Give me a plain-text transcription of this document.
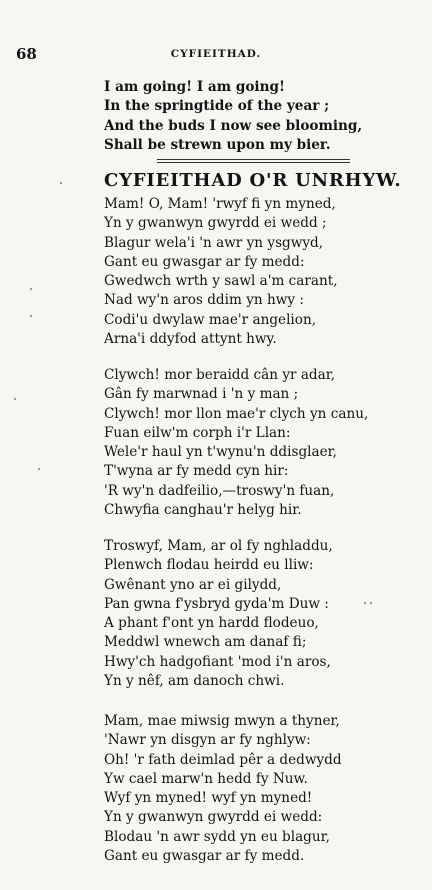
68	CYFIEITHAD.
I am going! I am going!
In the springtide of the year ;
And the buds I now see blooming,
Shall be strewn upon my bier.
CYFIEITHAD O'R UNRHYW.
Mam! O, Mam! 'rwyf fi yn myned,
Yn y gwanwyn gwyrdd ei wedd ;
Blagur wela'i 'n awr yn ysgwyd,
Gant eu gwasgar ar fy medd:
Gwedwch wrth y sawl a'm carant,
Nad wy'n aros ddim yn hwy :
Codi'u dwylaw mae'r angelion,
Arna'i ddyfod attynt hwy.
Clywch! mor beraidd cân yr adar,
Gân fy marwnad i 'n y man ;
Clywch! mor llon mae'r clych yn canu,
Fuan eilw'm corph i'r Llan:
Wele'r haul yn t'wynu'n ddisglaer,
T'wyna ar fy medd cyn hir:
'R wy'n dadfeilio,—troswy'n fuan,
Chwyfia canghau'r helyg hir.
Troswyf, Mam, ar ol fy nghladdu,
Plenwch flodau heirdd eu lliw:
Gwênant yno ar ei gilydd,
Pan gwna f'ysbryd gyda'm Duw :
A phant f'ont yn hardd flodeuo,
Meddwl wnewch am danaf fi;
Hwy'ch hadgofiant 'mod i'n aros,
Yn y nêf, am danoch chwi.
Mam, mae miwsig mwyn a thyner,
'Nawr yn disgyn ar fy nghlyw:
Oh! 'r fath deimlad pêr a dedwydd
Yw cael marw'n hedd fy Nuw.
Wyf yn myned! wyf yn myned!
Yn y gwanwyn gwyrdd ei wedd:
Blodau 'n awr sydd yn eu blagur,
Gant eu gwasgar ar fy medd.
